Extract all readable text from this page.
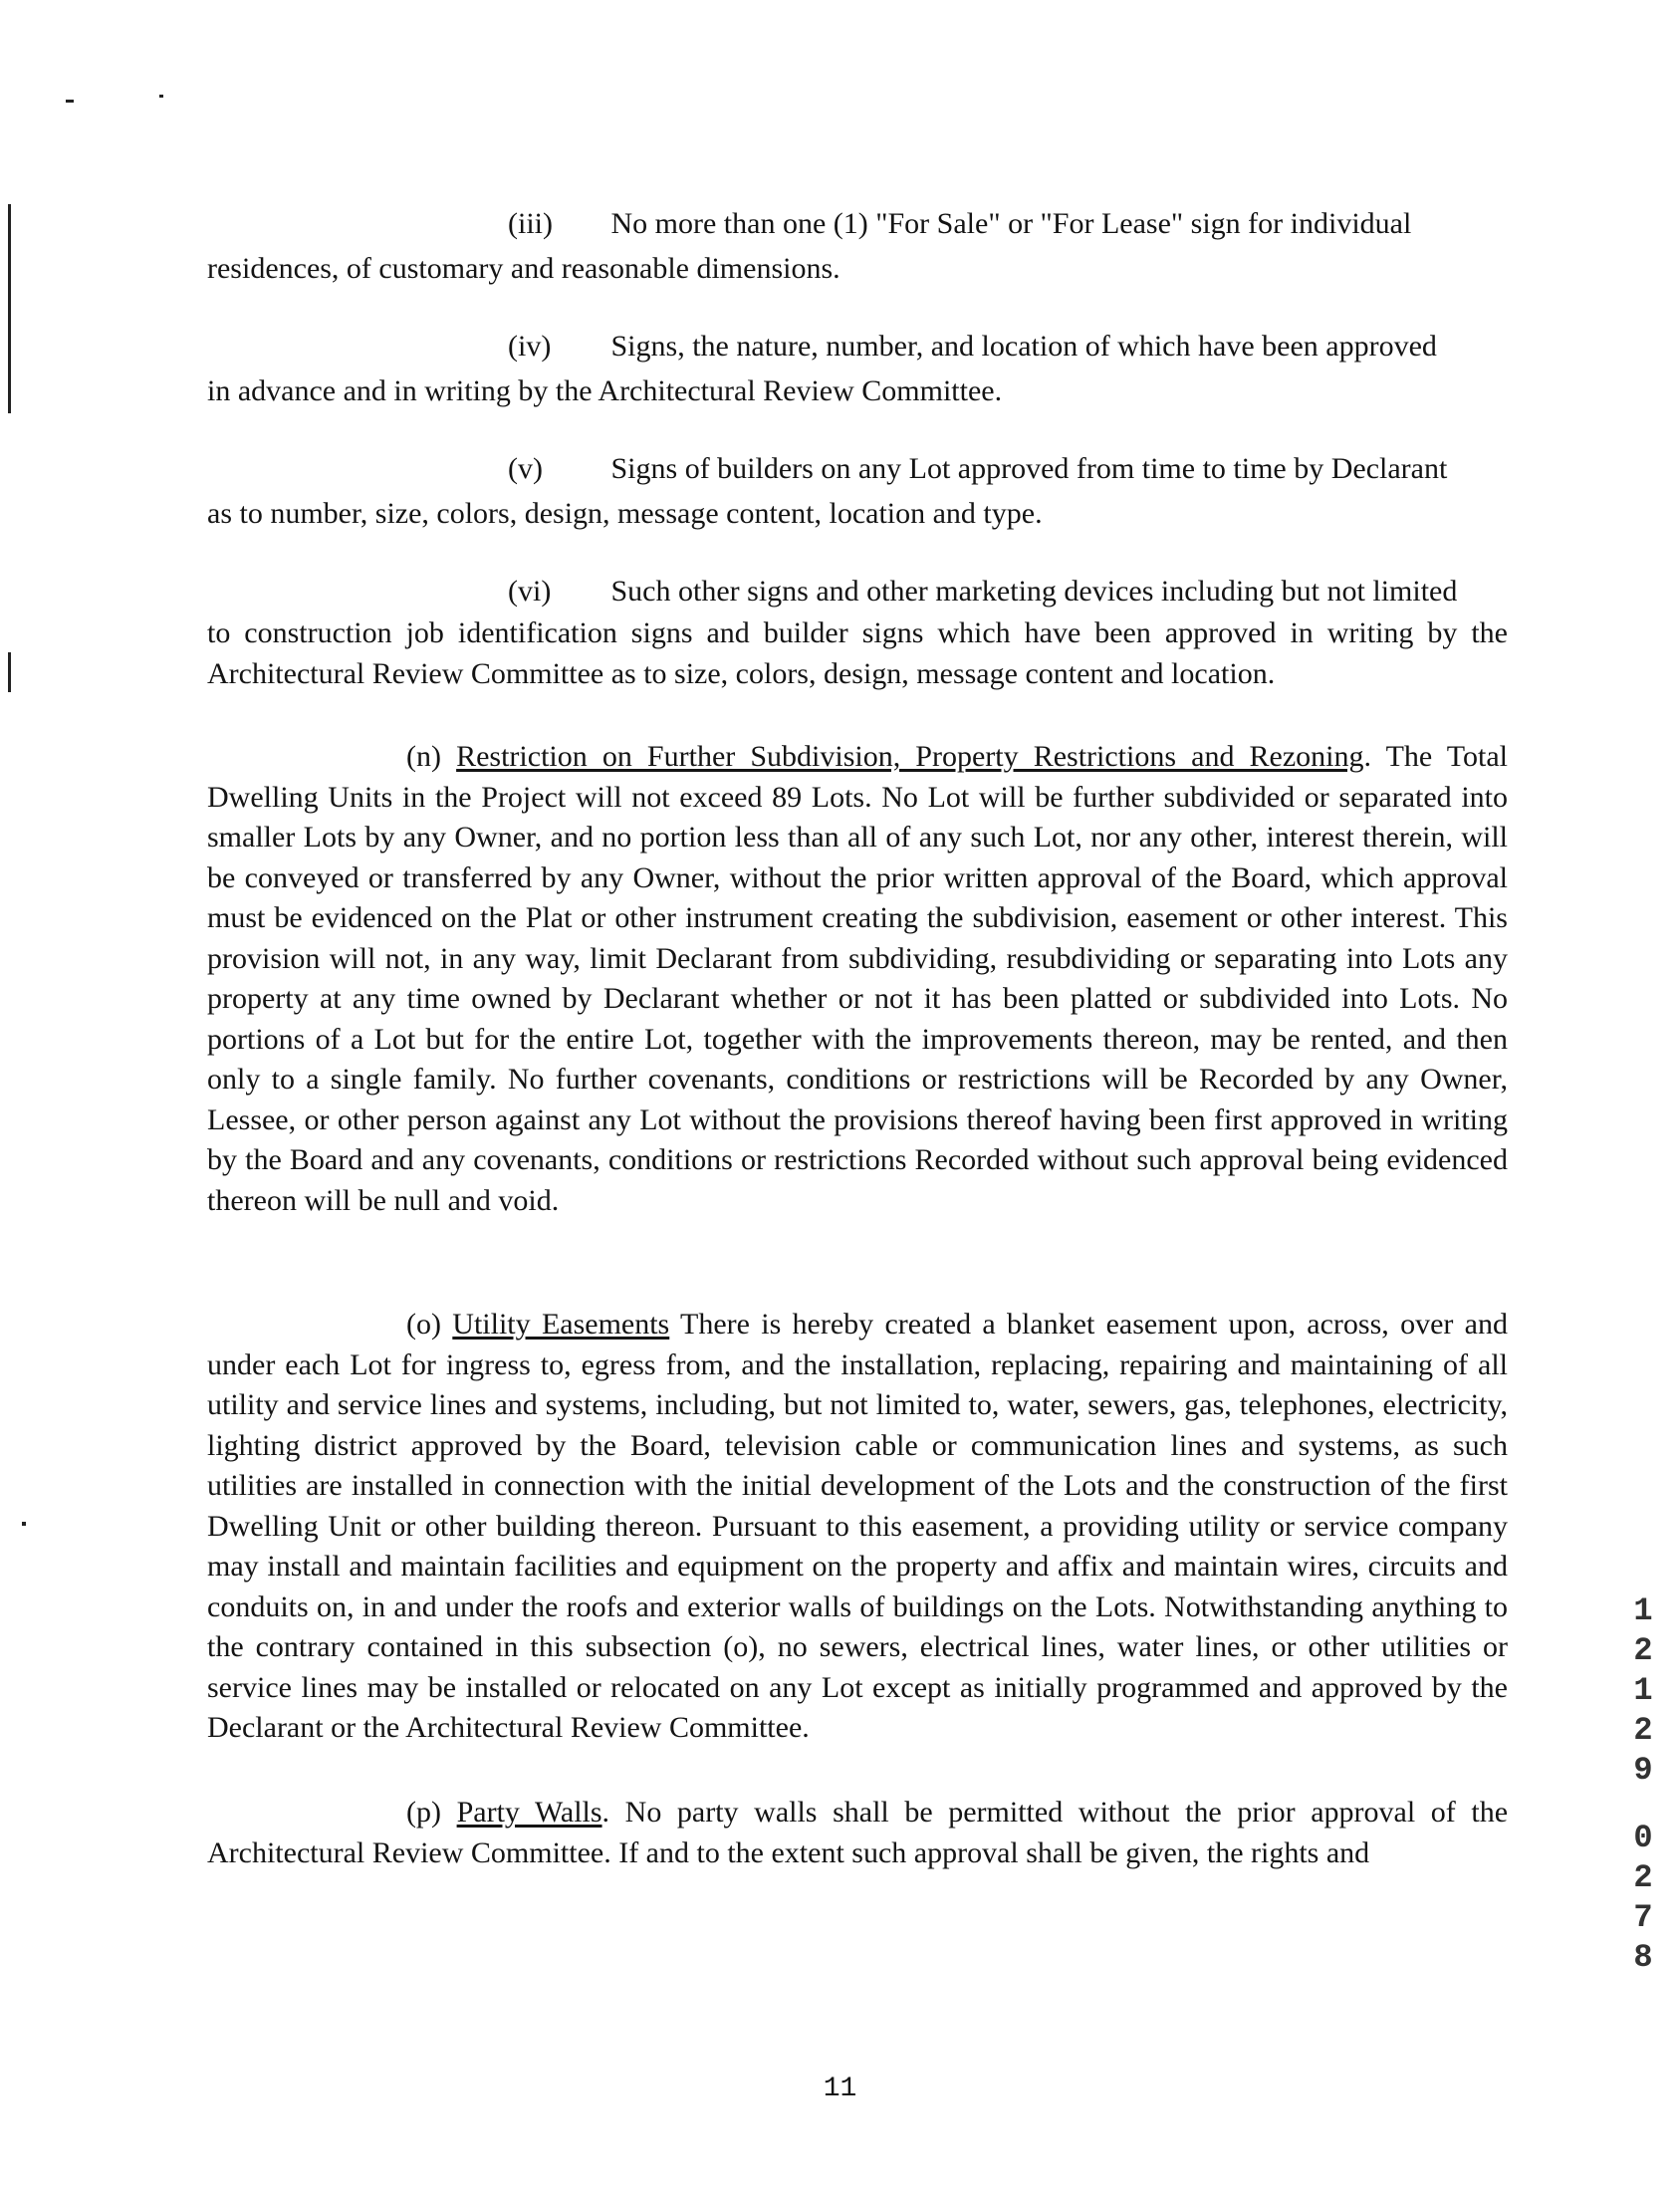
(iii) No more than one (1) "For Sale" or "For Lease" sign for individual

residences, of customary and reasonable dimensions.

(iv) Signs, the nature, number, and location of which have been approved

in advance and in writing by the Architectural Review Committee.

(v) Signs of builders on any Lot approved from time to time by Declarant

as to number, size, colors, design, message content, location and type.

(vi) Such other signs and other marketing devices including but not limited

to construction job identification signs and builder signs which have been approved in writing by the Architectural Review Committee as to size, colors, design, message content and location.

(n) Restriction on Further Subdivision, Property Restrictions and Rezoning. The Total Dwelling Units in the Project will not exceed 89 Lots. No Lot will be further subdivided or separated into smaller Lots by any Owner, and no portion less than all of any such Lot, nor any other, interest therein, will be conveyed or transferred by any Owner, without the prior written approval of the Board, which approval must be evidenced on the Plat or other instrument creating the subdivision, easement or other interest. This provision will not, in any way, limit Declarant from subdividing, resubdividing or separating into Lots any property at any time owned by Declarant whether or not it has been platted or subdivided into Lots. No portions of a Lot but for the entire Lot, together with the improvements thereon, may be rented, and then only to a single family. No further covenants, conditions or restrictions will be Recorded by any Owner, Lessee, or other person against any Lot without the provisions thereof having been first approved in writing by the Board and any covenants, conditions or restrictions Recorded without such approval being evidenced thereon will be null and void.

(o) Utility Easements There is hereby created a blanket easement upon, across, over and under each Lot for ingress to, egress from, and the installation, replacing, repairing and maintaining of all utility and service lines and systems, including, but not limited to, water, sewers, gas, telephones, electricity, lighting district approved by the Board, television cable or communication lines and systems, as such utilities are installed in connection with the initial development of the Lots and the construction of the first Dwelling Unit or other building thereon. Pursuant to this easement, a providing utility or service company may install and maintain facilities and equipment on the property and affix and maintain wires, circuits and conduits on, in and under the roofs and exterior walls of buildings on the Lots. Notwithstanding anything to the contrary contained in this subsection (o), no sewers, electrical lines, water lines, or other utilities or service lines may be installed or relocated on any Lot except as initially programmed and approved by the Declarant or the Architectural Review Committee.

(p) Party Walls. No party walls shall be permitted without the prior approval of the Architectural Review Committee. If and to the extent such approval shall be given, the rights and

11
1
2
1
2
9
0
2
7
8
